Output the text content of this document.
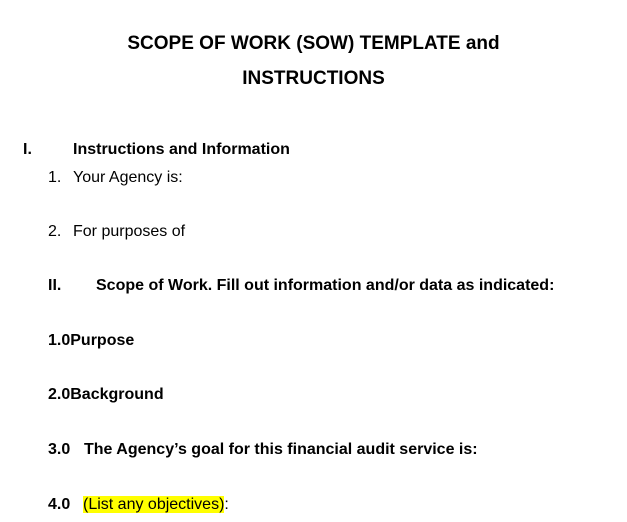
SCOPE OF WORK (SOW) TEMPLATE and
INSTRUCTIONS
I.	Instructions and Information
1. Your Agency is:
2. For purposes of
II. Scope of Work. Fill out information and/or data as indicated:
1.0Purpose
2.0Background
3.0 The Agency’s goal for this financial audit service is:
4.0 (List any objectives):
